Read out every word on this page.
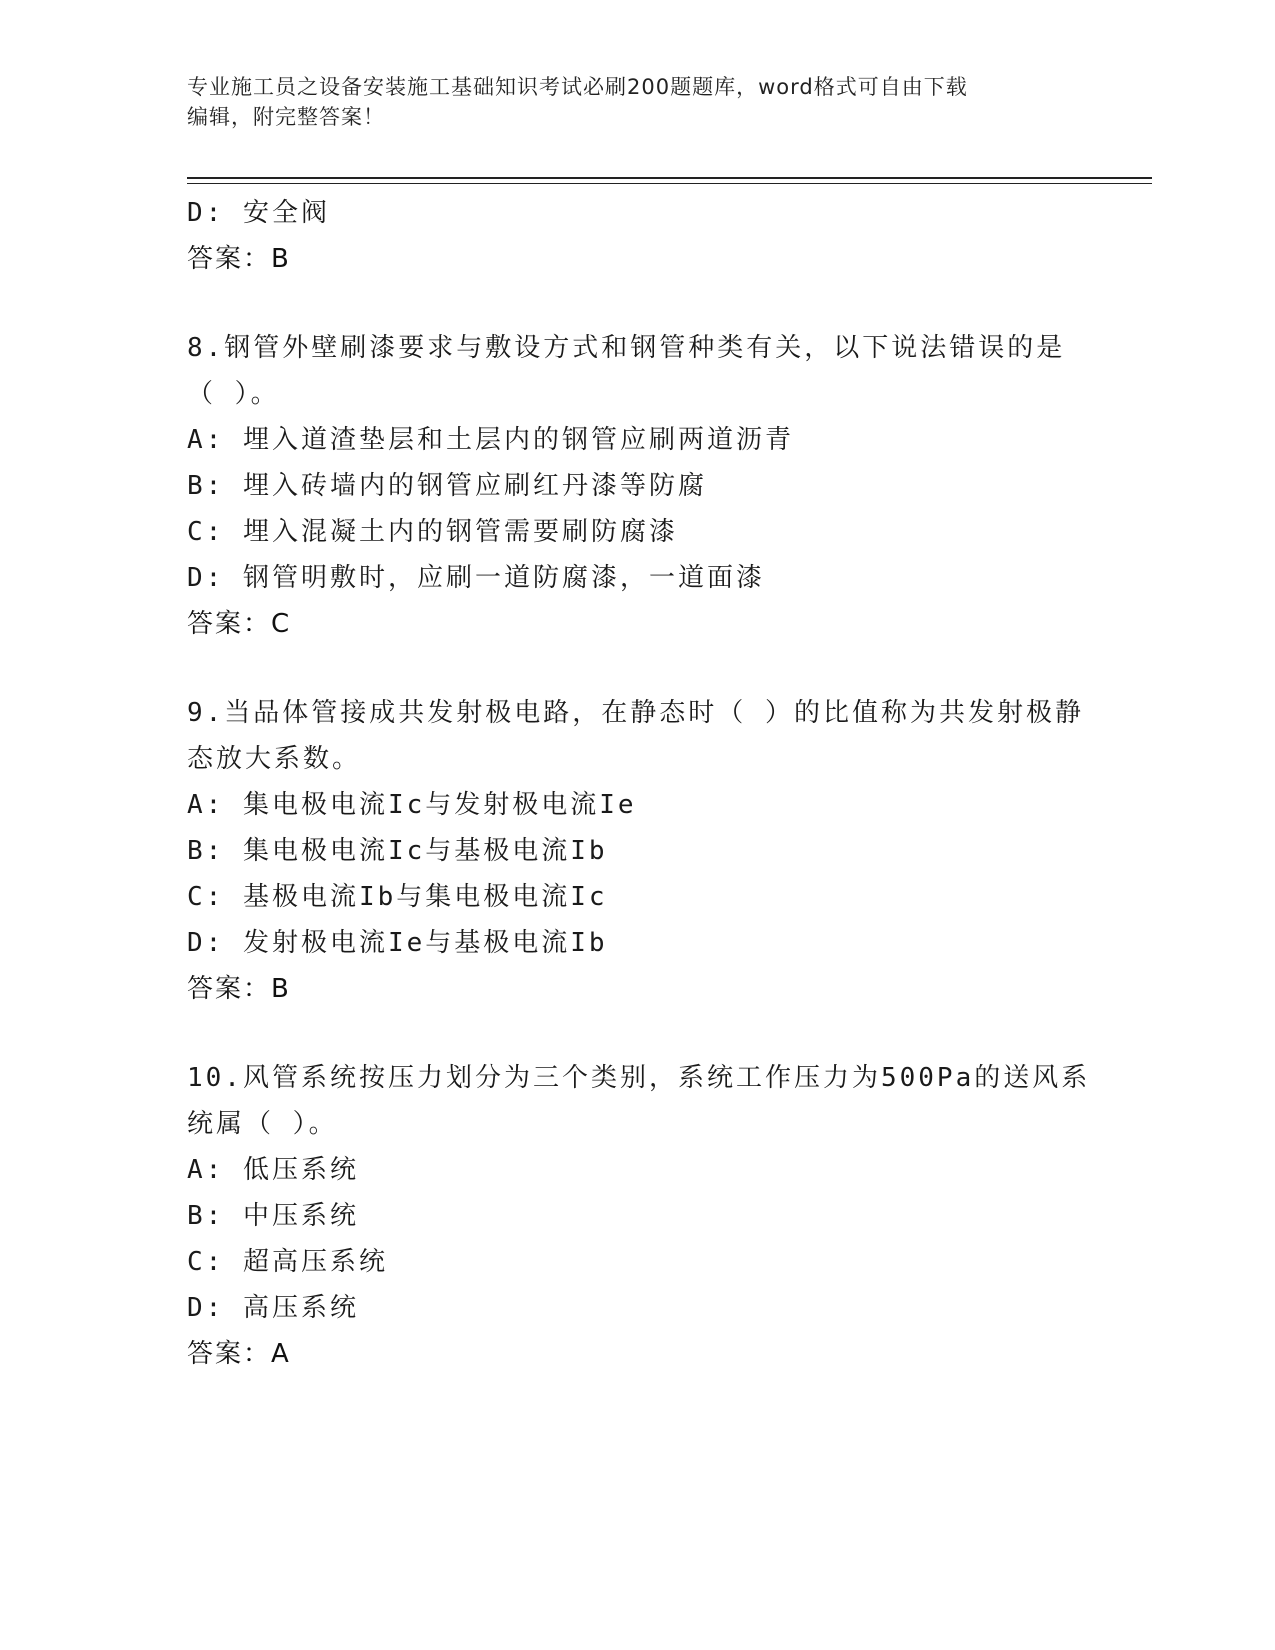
专业施工员之设备安装施工基础知识考试必刷200题题库，word格式可自由下载
编辑，附完整答案！
D: 安全阀
答案：B
8.钢管外壁刷漆要求与敷设方式和钢管种类有关，以下说法错误的是
（ ）。
A: 埋入道渣垫层和土层内的钢管应刷两道沥青
B: 埋入砖墙内的钢管应刷红丹漆等防腐
C: 埋入混凝土内的钢管需要刷防腐漆
D: 钢管明敷时，应刷一道防腐漆，一道面漆
答案：C
9.当品体管接成共发射极电路，在静态时（ ）的比值称为共发射极静
态放大系数。
A: 集电极电流Ic与发射极电流Ie
B: 集电极电流Ic与基极电流Ib
C: 基极电流Ib与集电极电流Ic
D: 发射极电流Ie与基极电流Ib
答案：B
10.风管系统按压力划分为三个类别，系统工作压力为500Pa的送风系
统属（ ）。
A: 低压系统
B: 中压系统
C: 超高压系统
D: 高压系统
答案：A
